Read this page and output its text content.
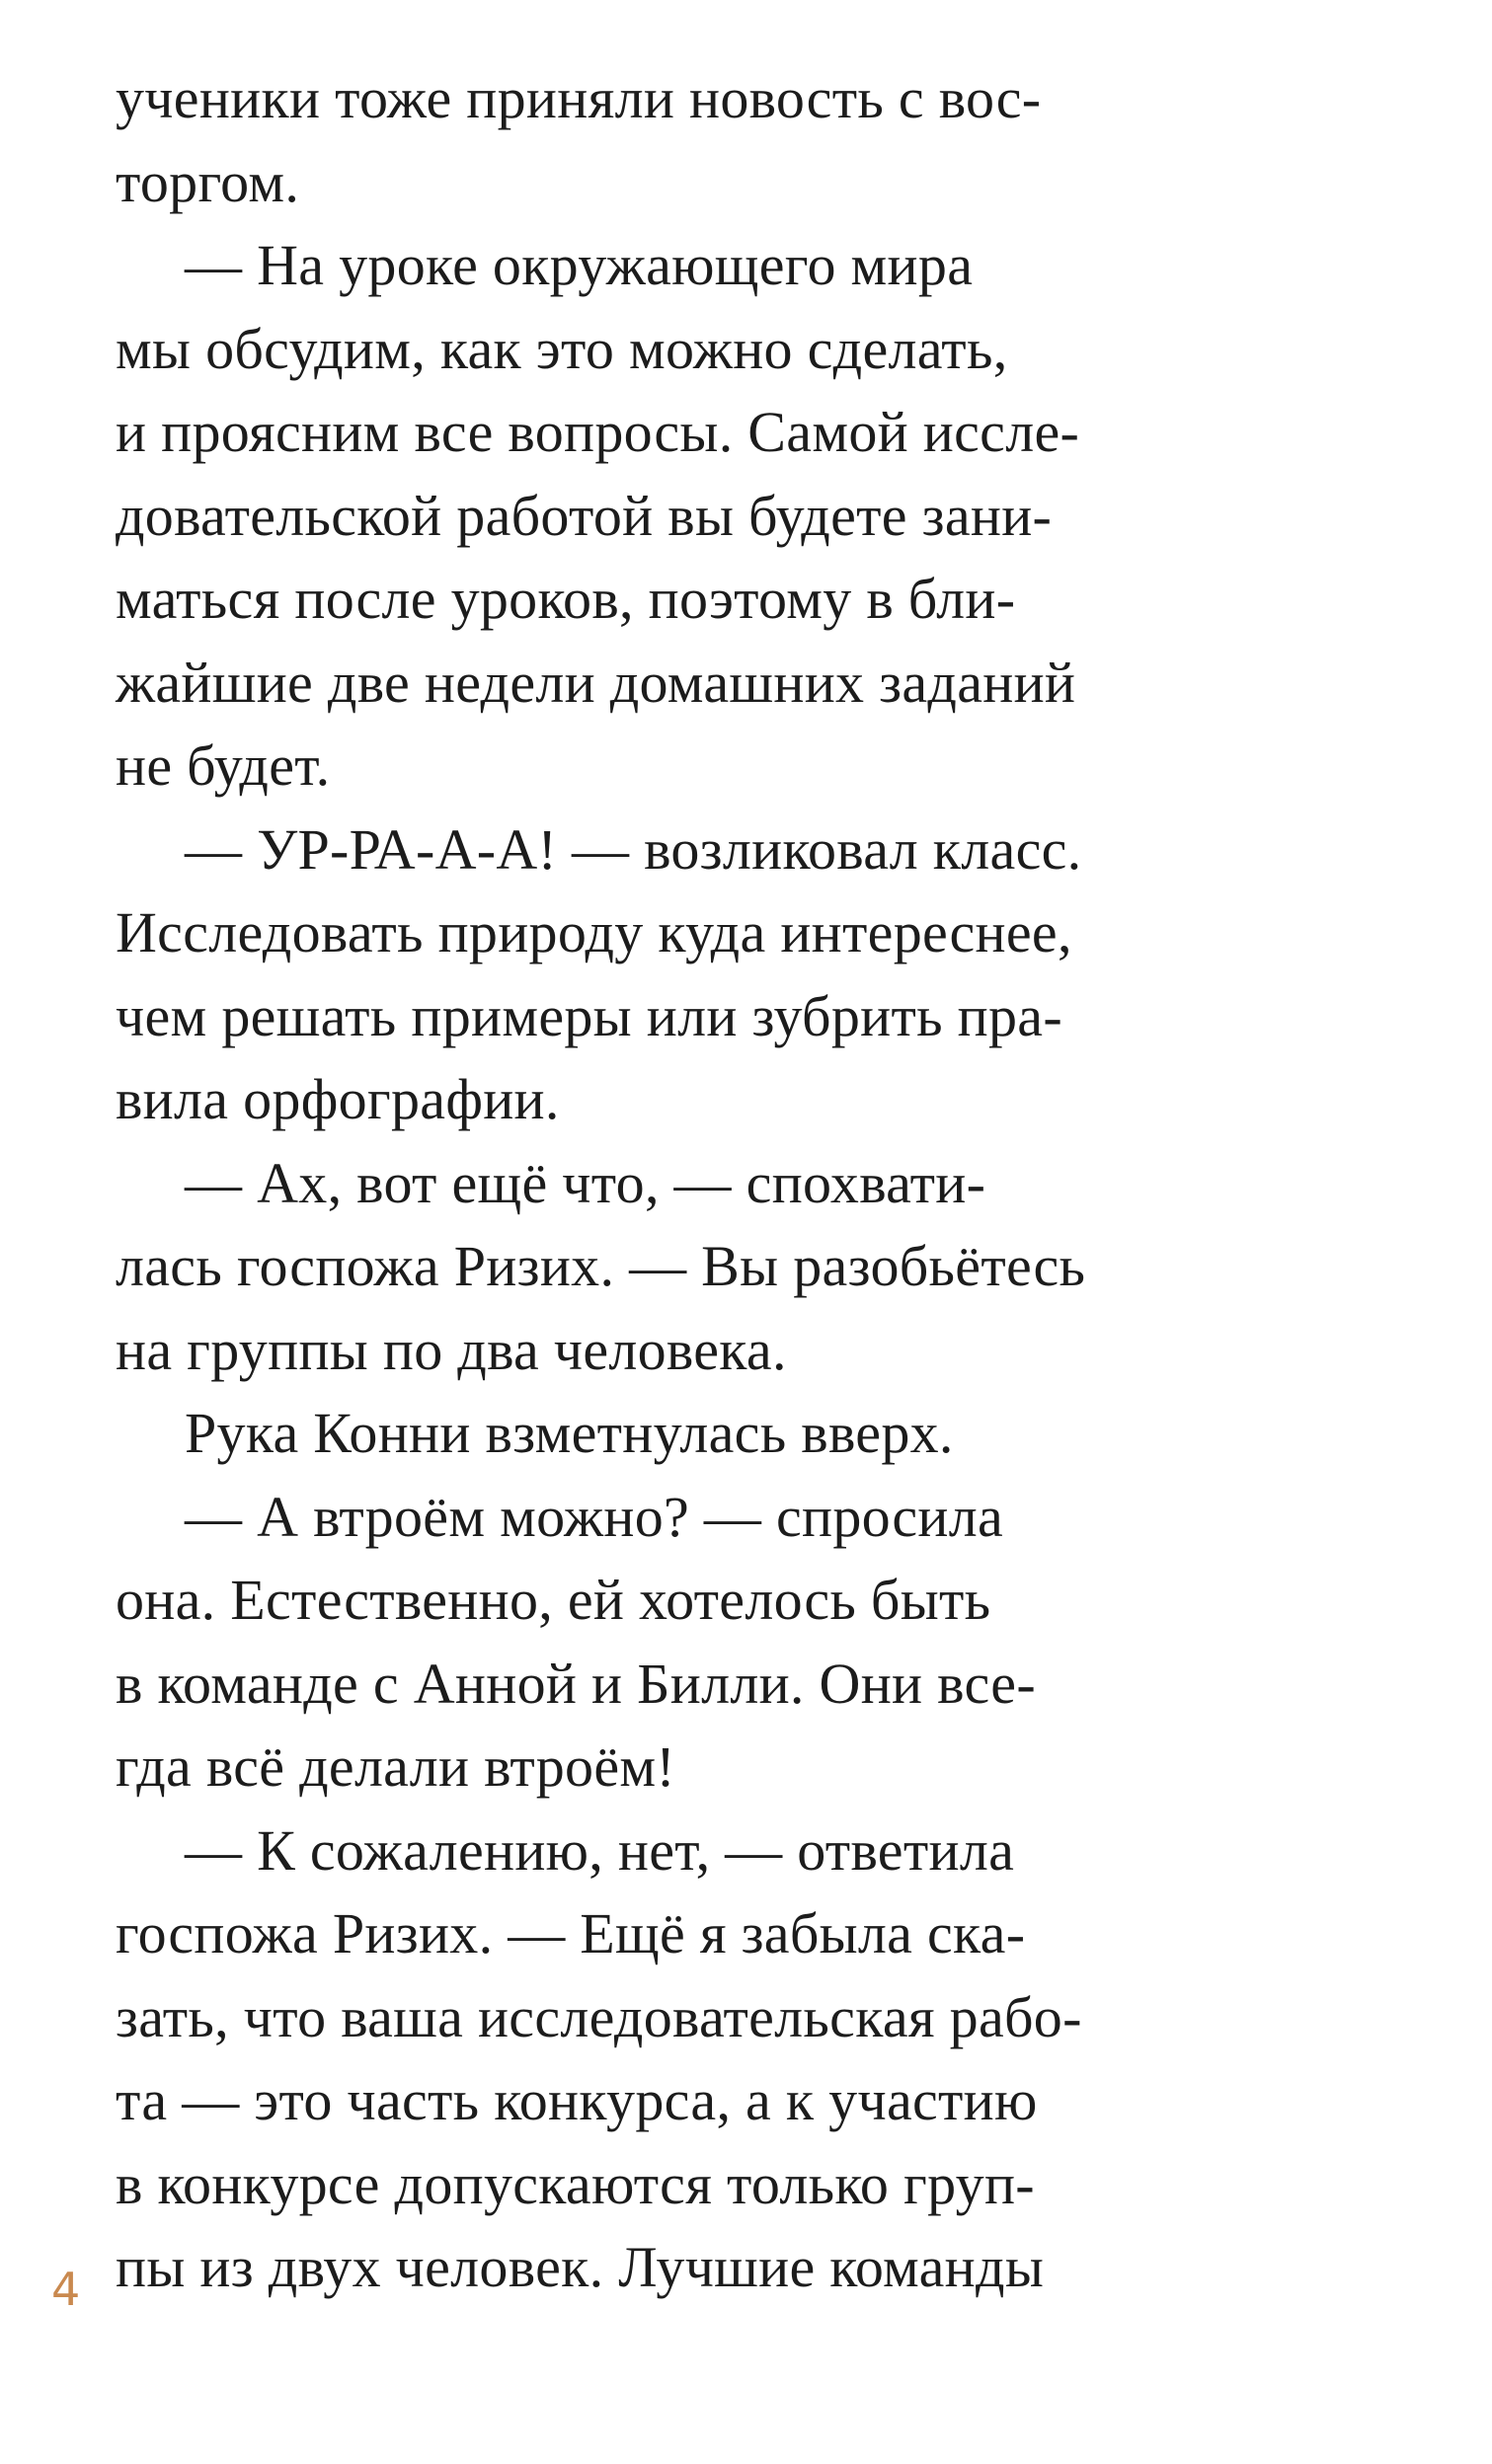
ученики тоже приняли новость с вос-
торгом.
— На уроке окружающего мира
мы обсудим, как это можно сделать,
и проясним все вопросы. Самой иссле-
довательской работой вы будете зани-
маться после уроков, поэтому в бли-
жайшие две недели домашних заданий
не будет.
— УР-РА-А-А! — возликовал класс.
Исследовать природу куда интереснее,
чем решать примеры или зубрить пра-
вила орфографии.
— Ах, вот ещё что, — спохвати-
лась госпожа Ризих. — Вы разобьётесь
на группы по два человека.
Рука Конни взметнулась вверх.
— А втроём можно? — спросила
она. Естественно, ей хотелось быть
в команде с Анной и Билли. Они все-
гда всё делали втроём!
— К сожалению, нет, — ответила
госпожа Ризих. — Ещё я забыла ска-
зать, что ваша исследовательская рабо-
та — это часть конкурса, а к участию
в конкурсе допускаются только груп-
пы из двух человек. Лучшие команды
4
